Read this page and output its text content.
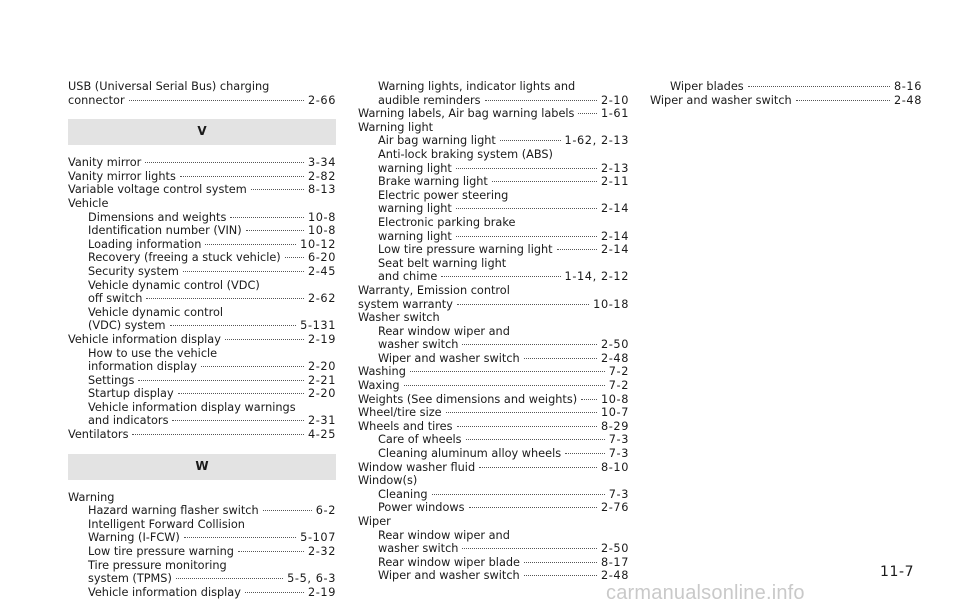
USB (Universal Serial Bus) charging
connector	2-66
V
Vanity mirror	3-34
Vanity mirror lights	2-82
Variable voltage control system	8-13
Vehicle
Dimensions and weights	10-8
Identification number (VIN)	10-8
Loading information	10-12
Recovery (freeing a stuck vehicle) 6-20
Security system	2-45
Vehicle dynamic control (VDC)
off switch	2-62
Vehicle dynamic control
(VDC) system	5-131
Vehicle information display	2-19
How to use the vehicle
information display	2-20
Settings	2-21
Startup display	2-20
Vehicle information display warnings
and indicators	2-31
Ventilators	4-25
W
Warning
Hazard warning flasher switch	6-2
Intelligent Forward Collision
Warning (I-FCW)	5-107
Low tire pressure warning	2-32
Tire pressure monitoring
system (TPMS)	5-5, 6-3
Vehicle information display	2-19
Warning lights, indicator lights and
audible reminders	2-10
Warning labels, Air bag warning labels 1-61
Warning light
Air bag warning light	1-62, 2-13
Anti-lock braking system (ABS)
warning light	2-13
Brake warning light	2-11
Electric power steering
warning light	2-14
Electronic parking brake
warning light	2-14
Low tire pressure warning light	2-14
Seat belt warning light
and chime	1-14, 2-12
Warranty, Emission control
system warranty	10-18
Washer switch
Rear window wiper and
washer switch	2-50
Wiper and washer switch	2-48
Washing	7-2
Waxing	7-2
Weights (See dimensions and weights) 10-8
Wheel/tire size	10-7
Wheels and tires	8-29
Care of wheels	7-3
Cleaning aluminum alloy wheels	7-3
Window washer fluid	8-10
Window(s)
Cleaning	7-3
Power windows	2-76
Wiper
Rear window wiper and
washer switch	2-50
Rear window wiper blade	8-17
Wiper and washer switch	2-48
Wiper blades	8-16
Wiper and washer switch	2-48
11-7
carmanualsonline.info
